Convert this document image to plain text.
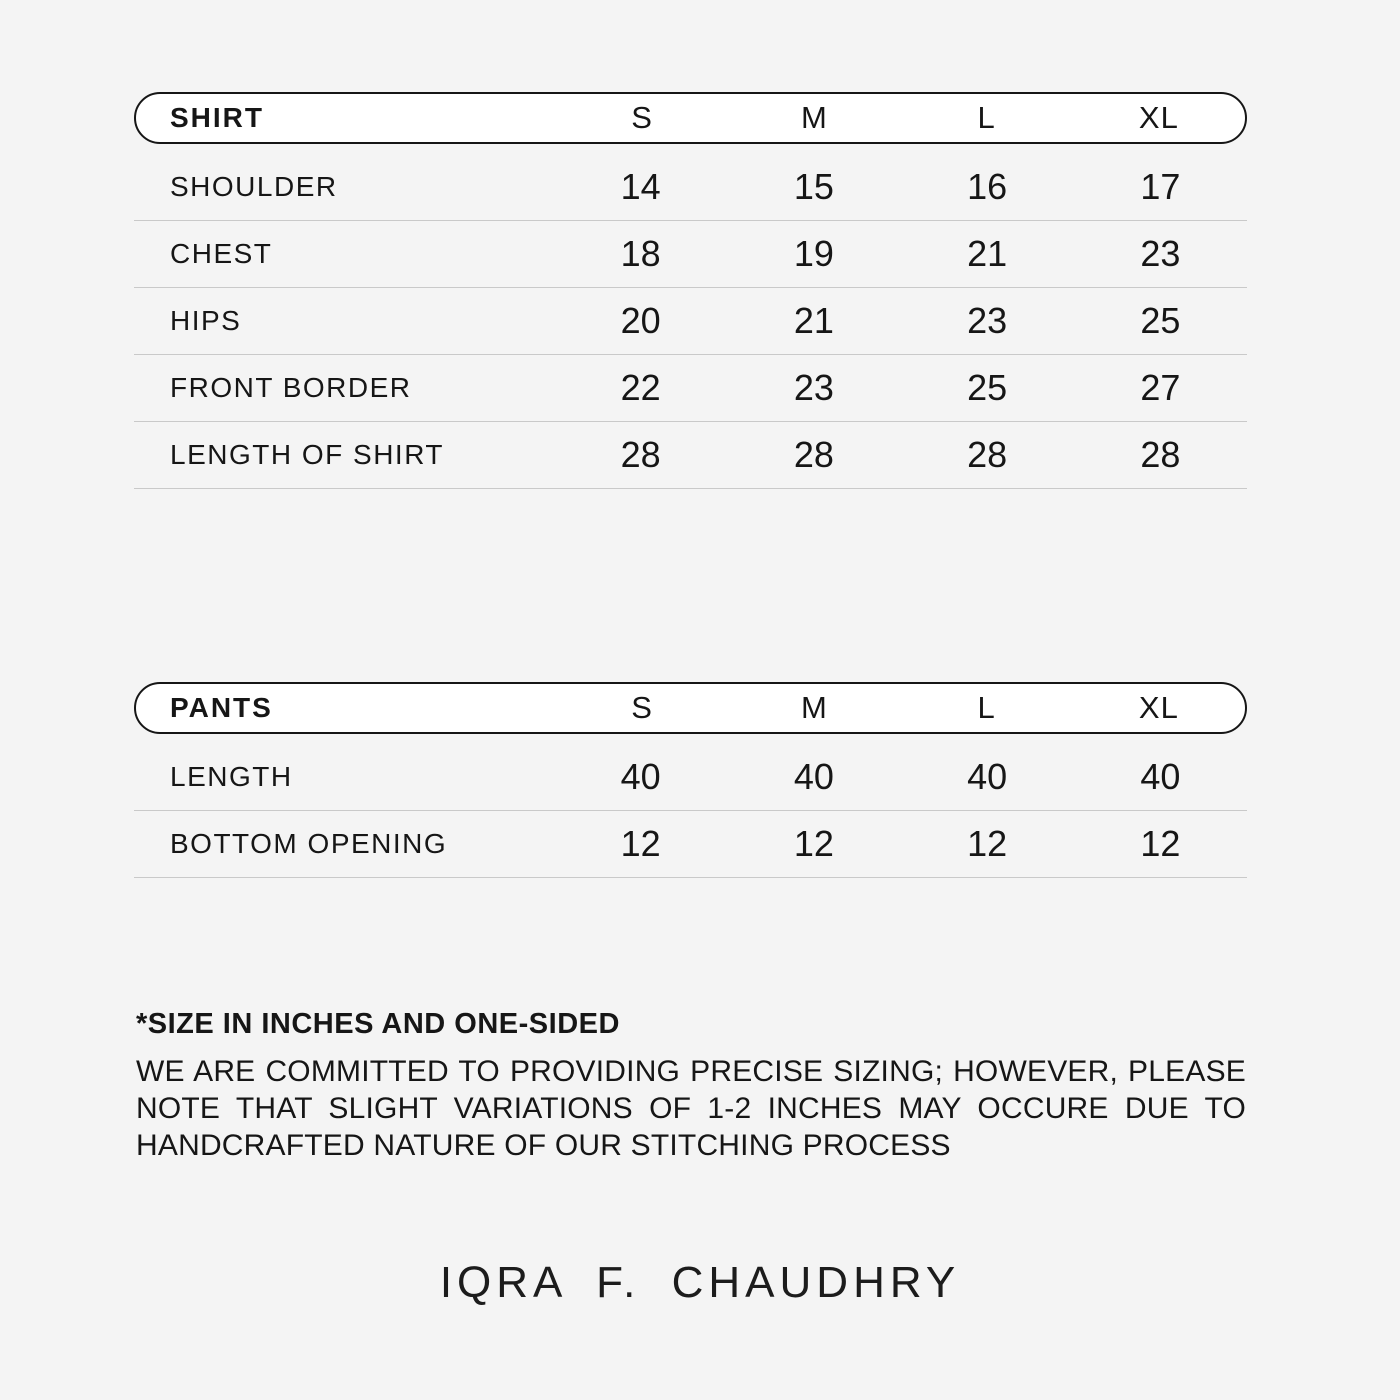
SHIRT	S	M	L	XL
SHOULDER	14	15	16	17
CHEST	18	19	21	23
HIPS	20	21	23	25
FRONT BORDER	22	23	25	27
LENGTH OF SHIRT	28	28	28	28
PANTS	S	M	L	XL
LENGTH	40	40	40	40
BOTTOM OPENING	12	12	12	12
*SIZE IN INCHES AND ONE-SIDED
WE ARE COMMITTED TO PROVIDING PRECISE SIZING; HOWEVER, PLEASE NOTE THAT SLIGHT VARIATIONS OF 1-2 INCHES MAY OCCURE DUE TO HANDCRAFTED NATURE OF OUR STITCHING PROCESS
IQRA F. CHAUDHRY
